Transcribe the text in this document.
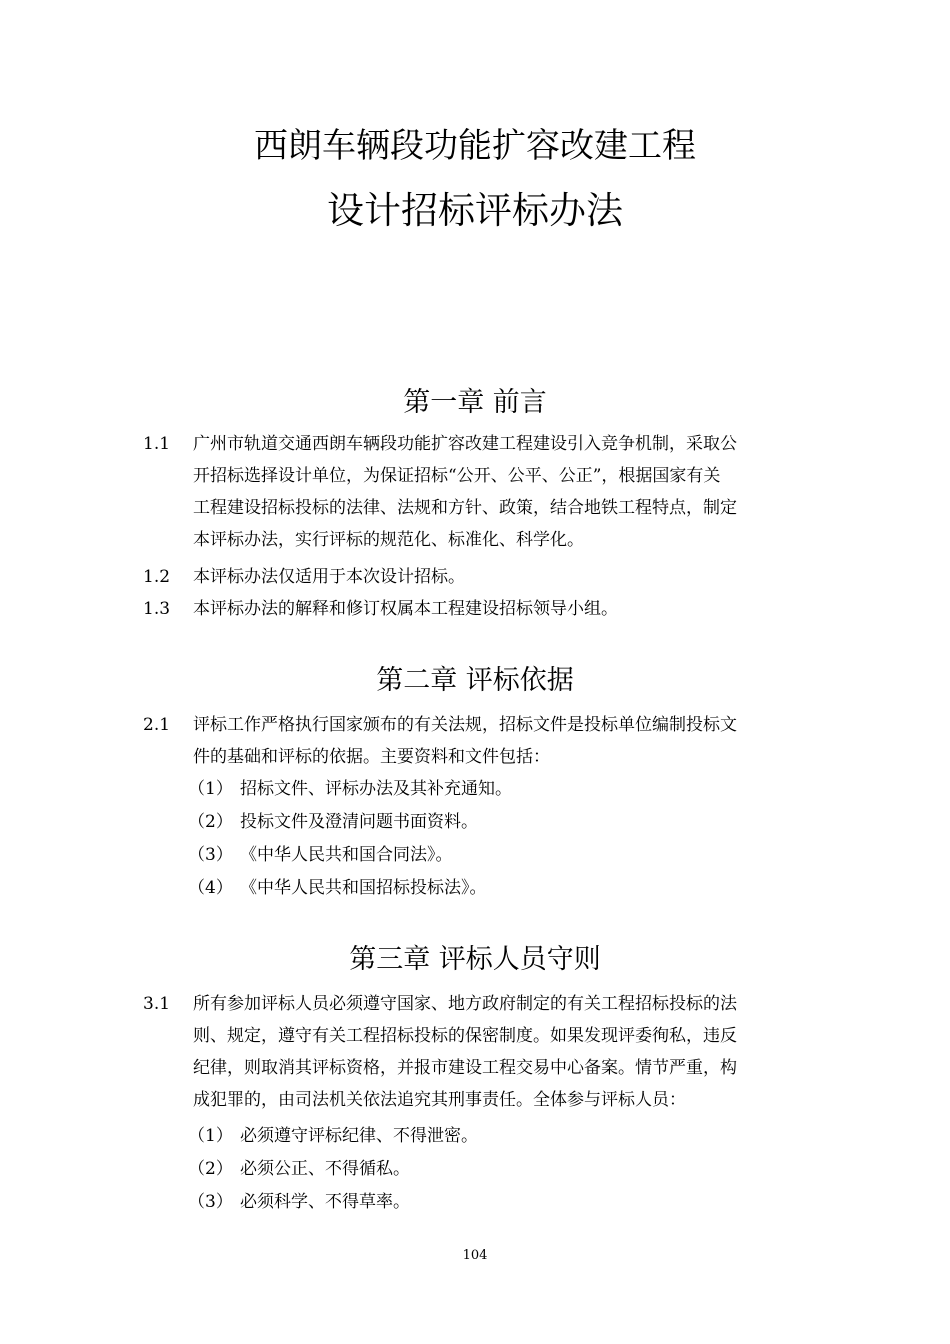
西朗车辆段功能扩容改建工程
设计招标评标办法
第一章 前言
1.1 广州市轨道交通西朗车辆段功能扩容改建工程建设引入竞争机制，采取公
开招标选择设计单位，为保证招标“公开、公平、公正”，根据国家有关
工程建设招标投标的法律、法规和方针、政策，结合地铁工程特点，制定
本评标办法，实行评标的规范化、标准化、科学化。
1.2 本评标办法仅适用于本次设计招标。
1.3 本评标办法的解释和修订权属本工程建设招标领导小组。
第二章 评标依据
2.1 评标工作严格执行国家颁布的有关法规，招标文件是投标单位编制投标文
件的基础和评标的依据。主要资料和文件包括：
（1） 招标文件、评标办法及其补充通知。
（2） 投标文件及澄清问题书面资料。
（3） 《中华人民共和国合同法》。
（4） 《中华人民共和国招标投标法》。
第三章 评标人员守则
3.1 所有参加评标人员必须遵守国家、地方政府制定的有关工程招标投标的法
则、规定，遵守有关工程招标投标的保密制度。如果发现评委徇私，违反
纪律，则取消其评标资格，并报市建设工程交易中心备案。情节严重，构
成犯罪的，由司法机关依法追究其刑事责任。全体参与评标人员：
（1） 必须遵守评标纪律、不得泄密。
（2） 必须公正、不得循私。
（3） 必须科学、不得草率。
104
